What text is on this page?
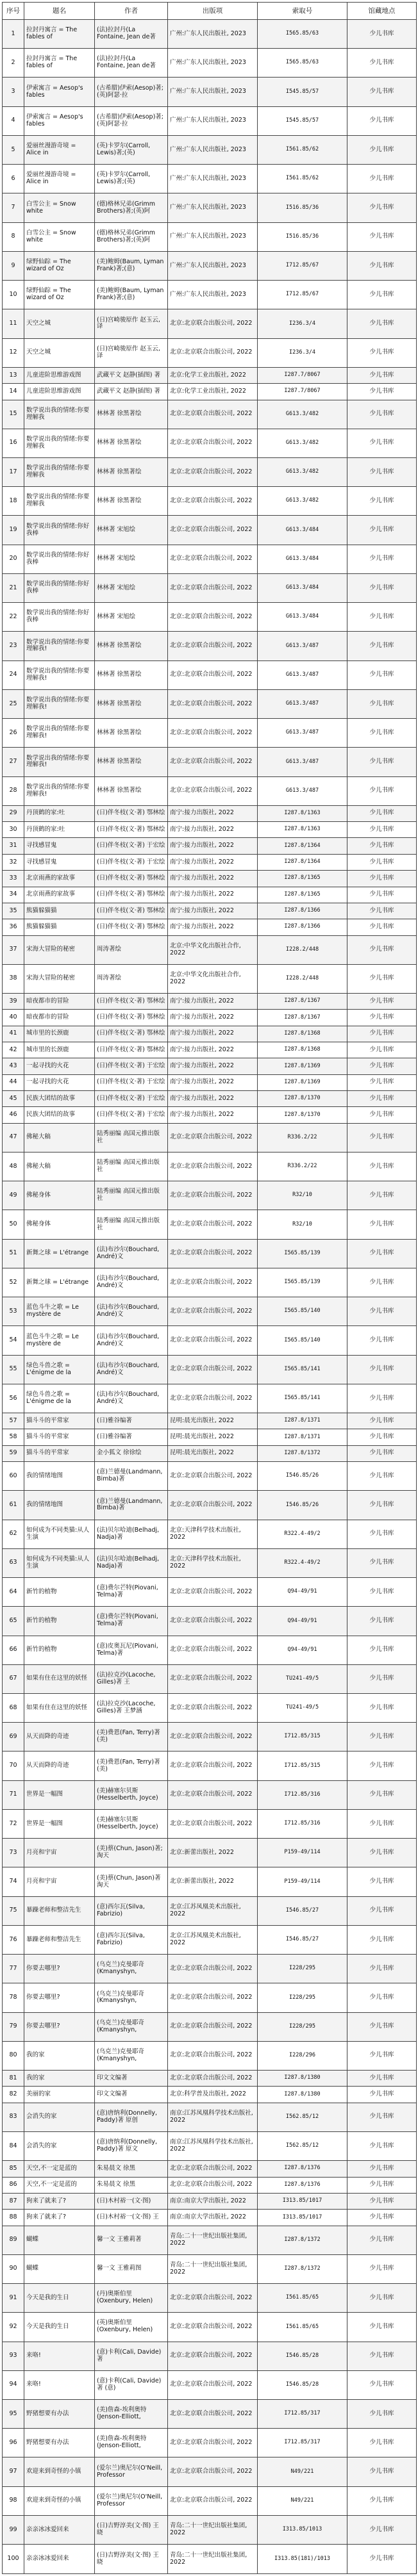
序号	题名	作者	出版项	索取号	馆藏地点
1	拉封丹寓言 = The fables of	(法)拉封丹(La Fontaine, Jean de著	广州:广东人民出版社, 2023	I565.85/63	少儿书库
2	拉封丹寓言 = The fables of	(法)拉封丹(La Fontaine, Jean de著	广州:广东人民出版社, 2023	I565.85/63	少儿书库
3	伊索寓言 = Aesop's fables	(古希腊)伊索(Aesop)著;(英)阿瑟·拉	广州:广东人民出版社, 2023	I545.85/57	少儿书库
4	伊索寓言 = Aesop's fables	(古希腊)伊索(Aesop)著;(英)阿瑟·拉	广州:广东人民出版社, 2023	I545.85/57	少儿书库
5	爱丽丝漫游奇境 = Alice in	(英)卡罗尔(Carroll, Lewis)著;(英)	广州:广东人民出版社, 2023	I561.85/62	少儿书库
6	爱丽丝漫游奇境 = Alice in	(英)卡罗尔(Carroll, Lewis)著;(英)	广州:广东人民出版社, 2023	I561.85/62	少儿书库
7	白雪公主 = Snow white	(德)格林兄弟(Grimm Brothers)著;(英)阿	广州:广东人民出版社, 2023	I516.85/36	少儿书库
8	白雪公主 = Snow white	(德)格林兄弟(Grimm Brothers)著;(英)阿	广州:广东人民出版社, 2023	I516.85/36	少儿书库
9	绿野仙踪 = The wizard of Oz	(美)鲍姆(Baum, Lyman Frank)著;(意)	广州:广东人民出版社, 2023	I712.85/67	少儿书库
10	绿野仙踪 = The wizard of Oz	(美)鲍姆(Baum, Lyman Frank)著;(意)	广州:广东人民出版社, 2023	I712.85/67	少儿书库
11	天空之城	(日)宫崎骏原作 赵玉云, 译	北京:北京联合出版公司, 2022	I236.3/4	少儿书库
12	天空之城	(日)宫崎骏原作 赵玉云, 译	北京:北京联合出版公司, 2022	I236.3/4	少儿书库
13	儿童进阶思维游戏图	武藏平文 赵静(插图) 著	北京:化学工业出版社, 2022	I287.7/8067	少儿书库
14	儿童进阶思维游戏图	武藏平文 赵静(插图) 著	北京:化学工业出版社, 2022	I287.7/8067	少儿书库
15	数学说出我的情绪:你要理解我	林林著 徐黑著绘	北京:北京联合出版公司, 2022	G613.3/482	少儿书库
16	数学说出我的情绪:你要理解我	林林著 徐黑著绘	北京:北京联合出版公司, 2022	G613.3/482	少儿书库
17	数学说出我的情绪:你要理解我	林林著 徐黑著绘	北京:北京联合出版公司, 2022	G613.3/482	少儿书库
18	数学说出我的情绪:你要理解我	林林著 徐黑著绘	北京:北京联合出版公司, 2022	G613.3/482	少儿书库
19	数学说出我的情绪:你好我棒	林林著 宋旭绘	北京:北京联合出版公司, 2022	G613.3/484	少儿书库
20	数学说出我的情绪:你好我棒	林林著 宋旭绘	北京:北京联合出版公司, 2022	G613.3/484	少儿书库
21	数学说出我的情绪:你好我棒	林林著 宋旭绘	北京:北京联合出版公司, 2022	G613.3/484	少儿书库
22	数学说出我的情绪:你好我棒	林林著 宋旭绘	北京:北京联合出版公司, 2022	G613.3/484	少儿书库
23	数学说出我的情绪:你要理解我!	林林著 徐黑著绘	北京:北京联合出版公司, 2022	G613.3/487	少儿书库
24	数学说出我的情绪:你要理解我!	林林著 徐黑著绘	北京:北京联合出版公司, 2022	G613.3/487	少儿书库
25	数学说出我的情绪:你要理解我!	林林著 徐黑著绘	北京:北京联合出版公司, 2022	G613.3/487	少儿书库
26	数学说出我的情绪:你要理解我!	林林著 徐黑著绘	北京:北京联合出版公司, 2022	G613.3/487	少儿书库
27	数学说出我的情绪:你要理解我!	林林著 徐黑著绘	北京:北京联合出版公司, 2022	G613.3/487	少儿书库
28	数学说出我的情绪:你要理解我!	林林著 徐黑著绘	北京:北京联合出版公司, 2022	G613.3/487	少儿书库
29	丹顶鹤的家:吐	(日)伴冬枝(文·著) 鄂林绘	南宁:接力出版社, 2022	I287.8/1363	少儿书库
30	丹顶鹤的家:吐	(日)伴冬枝(文·著) 鄂林绘	南宁:接力出版社, 2022	I287.8/1363	少儿书库
31	寻找感冒鬼	(日)伴冬枝(文·著) 于宏绘	南宁:接力出版社, 2022	I287.8/1364	少儿书库
32	寻找感冒鬼	(日)伴冬枝(文·著) 于宏绘	南宁:接力出版社, 2022	I287.8/1364	少儿书库
33	北京雨燕的家故事	(日)伴冬枝(文·著) 鄂林绘	南宁:接力出版社, 2022	I287.8/1365	少儿书库
34	北京雨燕的家故事	(日)伴冬枝(文·著) 鄂林绘	南宁:接力出版社, 2022	I287.8/1365	少儿书库
35	熊猫躲猫猫	(日)伴冬枝(文·著) 鄂林绘	南宁:接力出版社, 2022	I287.8/1366	少儿书库
36	熊猫躲猫猫	(日)伴冬枝(文·著) 鄂林绘	南宁:接力出版社, 2022	I287.8/1366	少儿书库
37	宋海大冒险的秘密	周涛著绘	北京:中华文化出版社合作, 2022	I228.2/448	少儿书库
38	宋海大冒险的秘密	周涛著绘	北京:中华文化出版社合作, 2022	I228.2/448	少儿书库
39	暗夜都市的冒险	(日)伴冬枝(文·著) 鄂林绘	南宁:接力出版社, 2022	I287.8/1367	少儿书库
40	暗夜都市的冒险	(日)伴冬枝(文·著) 鄂林绘	南宁:接力出版社, 2022	I287.8/1367	少儿书库
41	城市里的长颈鹿	(日)伴冬枝(文·著) 鄂林绘	南宁:接力出版社, 2022	I287.8/1368	少儿书库
42	城市里的长颈鹿	(日)伴冬枝(文·著) 鄂林绘	南宁:接力出版社, 2022	I287.8/1368	少儿书库
43	一起寻找的火花	(日)伴冬枝(文·著) 于宏绘	南宁:接力出版社, 2022	I287.8/1369	少儿书库
44	一起寻找的火花	(日)伴冬枝(文·著) 于宏绘	南宁:接力出版社, 2022	I287.8/1369	少儿书库
45	民族大团结的故事	(日)伴冬枝(文·著) 于宏绘	南宁:接力出版社, 2022	I287.8/1370	少儿书库
46	民族大团结的故事	(日)伴冬枝(文·著) 于宏绘	南宁:接力出版社, 2022	I287.8/1370	少儿书库
47	佛秘大稿	陆秀丽编 高国元推出版社	北京:北京联合出版公司, 2022	R336.2/22	少儿书库
48	佛秘大稿	陆秀丽编 高国元推出版社	北京:北京联合出版公司, 2022	R336.2/22	少儿书库
49	佛秘身体	陆秀丽编 高国元推出版社	北京:北京联合出版公司, 2022	R32/10	少儿书库
50	佛秘身体	陆秀丽编 高国元推出版社	北京:北京联合出版公司, 2022	R32/10	少儿书库
51	新舞之球 = L'étrange	(法)布沙尔(Bouchard, André)文	北京:北京联合出版公司, 2022	I565.85/139	少儿书库
52	新舞之球 = L'étrange	(法)布沙尔(Bouchard, André)文	北京:北京联合出版公司, 2022	I565.85/139	少儿书库
53	蓝色斗牛之歌 = Le mystère de	(法)布沙尔(Bouchard, André)文	北京:北京联合出版公司, 2022	I565.85/140	少儿书库
54	蓝色斗牛之歌 = Le mystère de	(法)布沙尔(Bouchard, André)文	北京:北京联合出版公司, 2022	I565.85/140	少儿书库
55	绿色斗兽之歌 = L'énigme de la	(法)布沙尔(Bouchard, André)文	北京:北京联合出版公司, 2022	I565.85/141	少儿书库
56	绿色斗兽之歌 = L'énigme de la	(法)布沙尔(Bouchard, André)文	北京:北京联合出版公司, 2022	I565.85/141	少儿书库
57	猫斗斗的平常家	(日)雅谷编著	昆明:晨光出版社, 2022	I287.8/1371	少儿书库
58	猫斗斗的平常家	(日)雅谷编著	昆明:晨光出版社, 2022	I287.8/1371	少儿书库
59	猫斗斗的平常家	金小狐文 徐徐绘	昆明:晨光出版社, 2022	I287.8/1372	少儿书库
60	我的情绪地图	(意)兰德曼(Landmann, Bimba)著	北京:北京联合出版公司, 2022	I546.85/26	少儿书库
61	我的情绪地图	(意)兰德曼(Landmann, Bimba)著	北京:北京联合出版公司, 2022	I546.85/26	少儿书库
62	如何成为不同类猫:从人生演	(法)贝尔哈迪(Belhadj, Nadja)著	北京:天津科学技术出版社, 2022	R322.4-49/2	少儿书库
63	如何成为不同类猫:从人生演	(法)贝尔哈迪(Belhadj, Nadja)著	北京:天津科学技术出版社, 2022	R322.4-49/2	少儿书库
64	新竹的植物	(意)费尔芒特(Piovani, Telma)著	北京:北京联合出版公司, 2022	Q94-49/91	少儿书库
65	新竹的植物	(意)费尔芒特(Piovani, Telma)著	北京:北京联合出版公司, 2022	Q94-49/91	少儿书库
66	新竹的植物	(意)皮奥瓦尼(Piovani, Telma)著	北京:北京联合出版公司, 2022	Q94-49/91	少儿书库
67	如果有住在这里的妖怪	(法)拉克沙(Lacoche, Gilles)著 王	北京:北京联合出版公司, 2022	TU241-49/5	少儿书库
68	如果有住在这里的妖怪	(法)拉克沙(Lacoche, Gilles)著 王梦涵	北京:北京联合出版公司, 2022	TU241-49/5	少儿书库
69	从天而降的奇迹	(美)费恩(Fan, Terry)著 (美)	北京:北京联合出版公司, 2022	I712.85/315	少儿书库
70	从天而降的奇迹	(美)费恩(Fan, Terry)著 (美)	北京:北京联合出版公司, 2022	I712.85/315	少儿书库
71	世界是一幅图	(美)赫塞尔贝斯(Hesselberth, Joyce)	北京:北京联合出版公司, 2022	I712.85/316	少儿书库
72	世界是一幅图	(美)赫塞尔贝斯(Hesselberth, Joyce)	北京:北京联合出版公司, 2022	I712.85/316	少儿书库
73	月亮和宇宙	(美)蔡(Chun, Jason)著;淘天	北京:新蕾出版社, 2022	P159-49/114	少儿书库
74	月亮和宇宙	(美)蔡(Chun, Jason)著 淘天	北京:新蕾出版社, 2022	P159-49/114	少儿书库
75	暴躁老师和整洁先生	(意)西尔瓦(Silva, Fabrizio)	北京:江苏凤凰美术出版社, 2022	I546.85/27	少儿书库
76	暴躁老师和整洁先生	(意)西尔瓦(Silva, Fabrizio)	北京:江苏凤凰美术出版社, 2022	I546.85/27	少儿书库
77	你要去哪里?	(乌克兰)克曼耶奇(Kmanyshyn,	北京:北京联合出版公司, 2022	I228/295	少儿书库
78	你要去哪里?	(乌克兰)克曼耶奇(Kmanyshyn,	北京:北京联合出版公司, 2022	I228/295	少儿书库
79	你要去哪里?	(乌克兰)克曼耶奇(Kmanyshyn,	北京:北京联合出版公司, 2022	I228/295	少儿书库
80	我的家	(乌克兰)克曼耶奇(Kmanyshyn,	北京:北京联合出版公司, 2022	I228/296	少儿书库
81	我的家	印文文编著	北京:北京联合出版公司, 2022	I287.8/1380	少儿书库
82	美丽的家	印文文编著	北京:科学普及出版社, 2022	I287.8/1380	少儿书库
83	会消失的家	(意)唐纳利(Donnelly, Paddy)著 原创	南京:江苏凤凰科学技术出版社, 2022	I562.85/12	少儿书库
84	会消失的家	(意)唐纳利(Donnelly, Paddy)著 原文	南京:江苏凤凰科学技术出版社, 2022	I562.85/12	少儿书库
85	天空,不一定是蓝的	朱易晨文 徐黑	北京:北京联合出版公司, 2022	I287.8/1376	少儿书库
86	天空,不一定是蓝的	朱易晨文 徐黑	北京:北京联合出版公司, 2022	I287.8/1376	少儿书库
87	狗来了就来了?	(日)木村裕一(文·图)	南京:南京大学出版社, 2022	I313.85/1017	少儿书库
88	狗来了就来了?	(日)木村裕一(文·图) 王	南京:南京大学出版社, 2022	I313.85/1017	少儿书库
89	蝴蝶	馨一文 王雅莉著	青岛:二十一世纪出版社集团, 2022	I287.8/1372	少儿书库
90	蝴蝶	馨一文 王雅莉图	青岛:二十一世纪出版社集团, 2022	I287.8/1372	少儿书库
91	今天是我的生日	(丹)奥斯伯里(Oxenbury, Helen)	北京:北京联合出版公司, 2022	I561.85/65	少儿书库
92	今天是我的生日	(英)奥斯伯里(Oxenbury, Helen)	北京:北京联合出版公司, 2022	I561.85/65	少儿书库
93	来咯!	(意)卡利(Cali, Davide)著	北京:北京联合出版公司, 2022	I546.85/28	少儿书库
94	来咯!	(意)卡利(Cali, Davide)著 (意)	北京:北京联合出版公司, 2022	I546.85/28	少儿书库
95	野猪想要有办法	(美)詹森-埃利奥特(Jenson-Elliott,	北京:北京联合出版公司, 2022	I712.85/317	少儿书库
96	野猪想要有办法	(美)詹森-埃利奥特(Jenson-Elliott,	北京:北京联合出版公司, 2022	I712.85/317	少儿书库
97	欢迎来到奇怪的小镇	(爱尔兰)奥尼尔(O'Neill, Professor	北京:北京联合出版公司, 2022	N49/221	少儿书库
98	欢迎来到奇怪的小镇	(爱尔兰)奥尼尔(O'Neill, Professor	北京:北京联合出版公司, 2022	N49/221	少儿书库
99	亲亲冰冰爱回来	(日)吉野淳美(文·图) 王 晓	青岛:二十一世纪出版社集团, 2022	I313.85/1013	少儿书库
100	亲亲冰冰爱回来	(日)吉野淳美(文·图) 王 晓	青岛:二十一世纪出版社集团, 2022	I313.85(181)/1013	少儿书库
